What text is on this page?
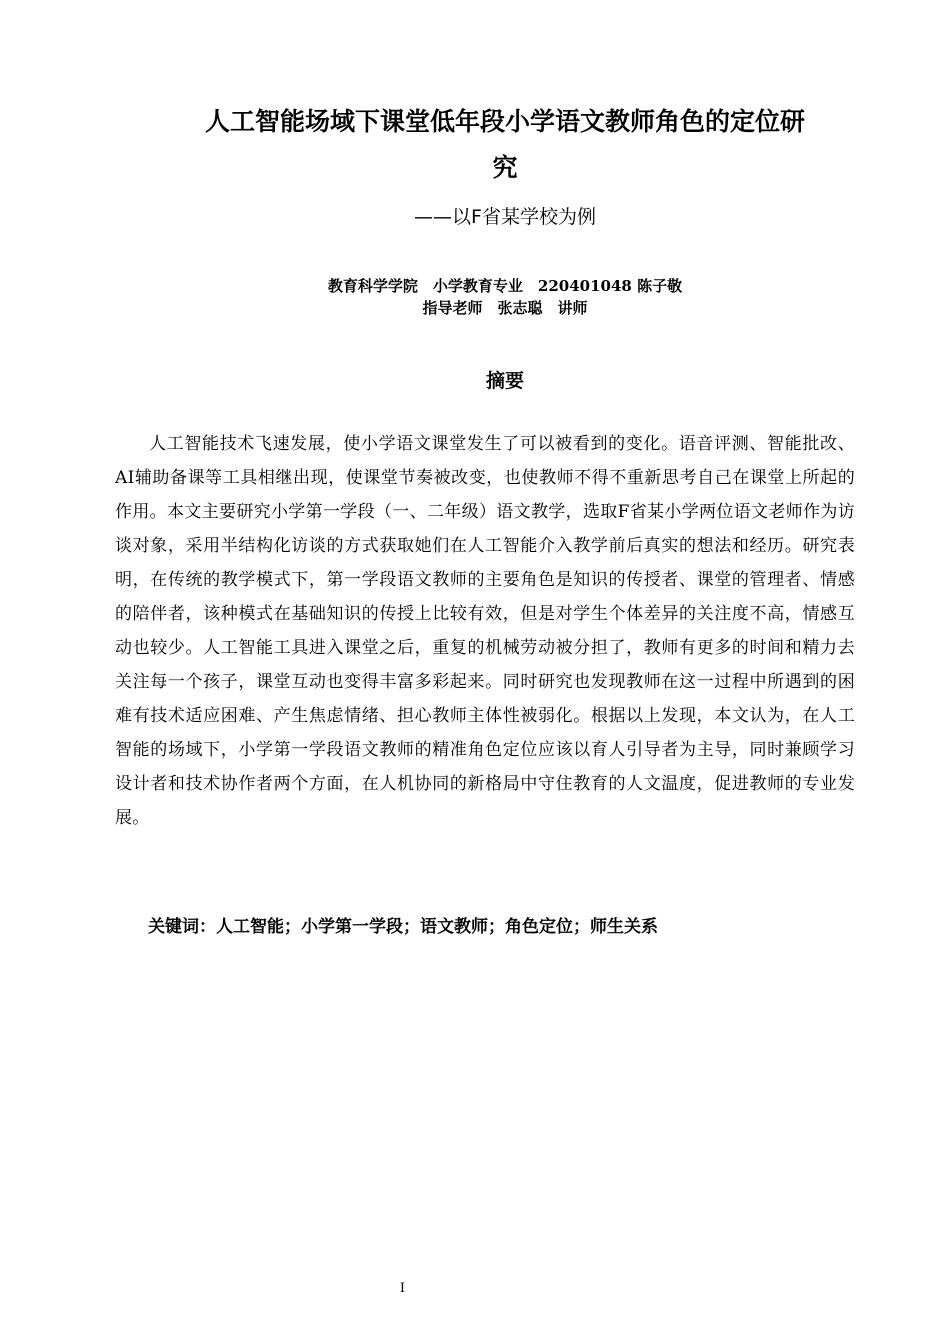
人工智能场域下课堂低年段小学语文教师角色的定位研
究
——以F省某学校为例
教育科学学院　小学教育专业　220401048 陈子敬
指导老师　张志聪　讲师
摘要

人工智能技术飞速发展，使小学语文课堂发生了可以被看到的变化。语音评测、智能批改、AI辅助备课等工具相继出现，使课堂节奏被改变，也使教师不得不重新思考自己在课堂上所起的作用。本文主要研究小学第一学段（一、二年级）语文教学，选取F省某小学两位语文老师作为访谈对象，采用半结构化访谈的方式获取她们在人工智能介入教学前后真实的想法和经历。研究表明，在传统的教学模式下，第一学段语文教师的主要角色是知识的传授者、课堂的管理者、情感的陪伴者，该种模式在基础知识的传授上比较有效，但是对学生个体差异的关注度不高，情感互动也较少。人工智能工具进入课堂之后，重复的机械劳动被分担了，教师有更多的时间和精力去关注每一个孩子，课堂互动也变得丰富多彩起来。同时研究也发现教师在这一过程中所遇到的困难有技术适应困难、产生焦虑情绪、担心教师主体性被弱化。根据以上发现，本文认为，在人工智能的场域下，小学第一学段语文教师的精准角色定位应该以育人引导者为主导，同时兼顾学习设计者和技术协作者两个方面，在人机协同的新格局中守住教育的人文温度，促进教师的专业发展。

关键词：人工智能；小学第一学段；语文教师；角色定位；师生关系
I
